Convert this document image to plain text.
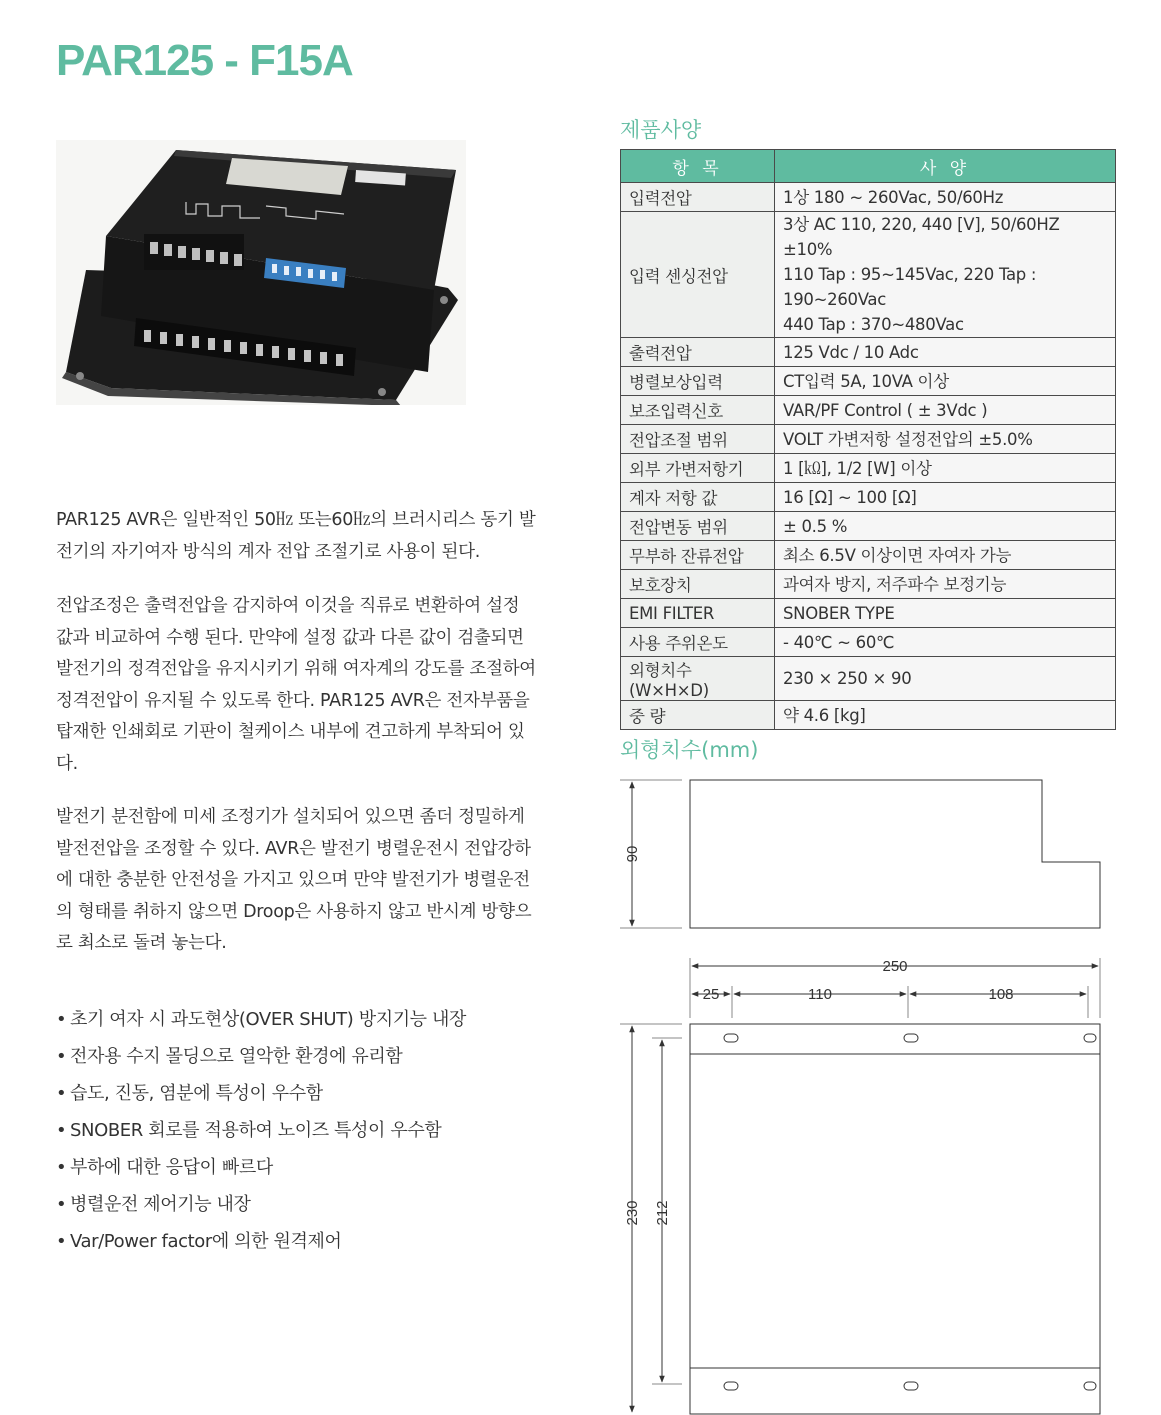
PAR125 - F15A

PAR125 AVR은 일반적인 50㎐ 또는60㎐의 브러시리스 동기 발전기의 자기여자 방식의 계자 전압 조절기로 사용이 된다.

전압조정은 출력전압을 감지하여 이것을 직류로 변환하여 설정 값과 비교하여 수행 된다. 만약에 설정 값과 다른 값이 검출되면 발전기의 정격전압을 유지시키기 위해 여자계의 강도를 조절하여 정격전압이 유지될 수 있도록 한다. PAR125 AVR은 전자부품을 탑재한 인쇄회로 기판이 철케이스 내부에 견고하게 부착되어 있다.

발전기 분전함에 미세 조정기가 설치되어 있으면 좀더 정밀하게 발전전압을 조정할 수 있다. AVR은 발전기 병렬운전시 전압강하에 대한 충분한 안전성을 가지고 있으며 만약 발전기가 병렬운전의 형태를 취하지 않으면 Droop은 사용하지 않고 반시계 방향으로 최소로 돌려 놓는다.

• 초기 여자 시 과도현상(OVER SHUT) 방지기능 내장
• 전자용 수지 몰딩으로 열악한 환경에 유리함
• 습도, 진동, 염분에 특성이 우수함
• SNOBER 회로를 적용하여 노이즈 특성이 우수함
• 부하에 대한 응답이 빠르다
• 병렬운전 제어기능 내장
• Var/Power factor에 의한 원격제어
제품사양
항 목	사 양
입력전압	1상 180 ~ 260Vac, 50/60Hz

입력 센싱전압	3상 AC 110, 220, 440 [V], 50/60HZ ±10%
110 Tap : 95~145Vac, 220 Tap : 190~260Vac
440 Tap : 370~480Vac

출력전압	125 Vdc / 10 Adc

병렬보상입력	CT입력 5A, 10VA 이상

보조입력신호	VAR/PF Control ( ± 3Vdc )

전압조절 범위	VOLT 가변저항 설정전압의 ±5.0%

외부 가변저항기	1 [㏀], 1/2 [W] 이상

계자 저항 값	16 [Ω] ~ 100 [Ω]

전압변동 범위	± 0.5 %

무부하 잔류전압	최소 6.5V 이상이면 자여자 가능

보호장치	과여자 방지, 저주파수 보정기능

EMI FILTER	SNOBER TYPE

사용 주위온도	- 40℃ ~ 60℃

외형치수(W×H×D)	230 × 250 × 90

중 량	약 4.6 [kg]
외형치수(mm)
90
250
25	110	108
230 212
